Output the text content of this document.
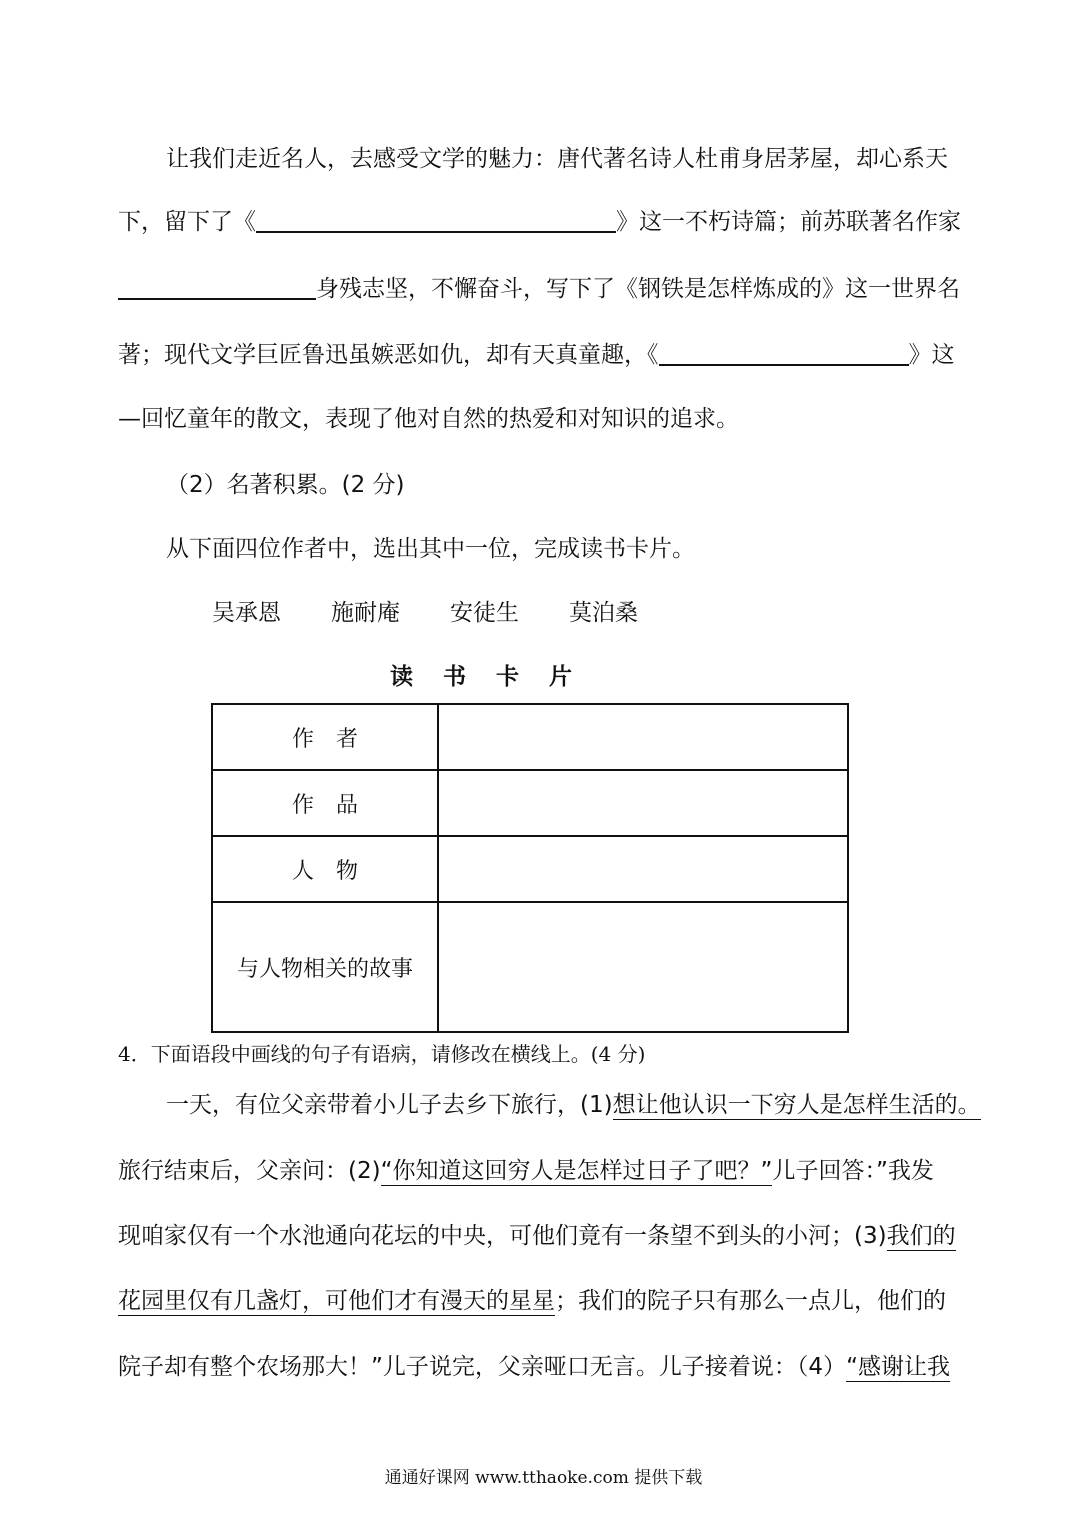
让我们走近名人，去感受文学的魅力：唐代著名诗人杜甫身居茅屋，却心系天
下，留下了《	》这一不朽诗篇；前苏联著名作家
身残志坚，不懈奋斗，写下了《钢铁是怎样炼成的》这一世界名
著；现代文学巨匠鲁迅虽嫉恶如仇，却有天真童趣，《	》这
—回忆童年的散文，表现了他对自然的热爱和对知识的追求。
（2）名著积累。(2 分)
从下面四位作者中，选出其中一位，完成读书卡片。
吴承恩 施耐庵 安徒生 莫泊桑
读书卡片
作　者	
作　品	
人　物	
与人物相关的故事	
4．下面语段中画线的句子有语病，请修改在横线上。(4 分)
一天，有位父亲带着小儿子去乡下旅行，(1)想让他认识一下穷人是怎样生活的。
旅行结束后，父亲问：(2)“你知道这回穷人是怎样过日子了吧？”儿子回答：”我发
现咱家仅有一个水池通向花坛的中央，可他们竟有一条望不到头的小河；(3)我们的
花园里仅有几盏灯，可他们才有漫天的星星；我们的院子只有那么一点儿，他们的
院子却有整个农场那大！”儿子说完，父亲哑口无言。儿子接着说：（4）“感谢让我
通通好课网 www.tthaoke.com 提供下载
